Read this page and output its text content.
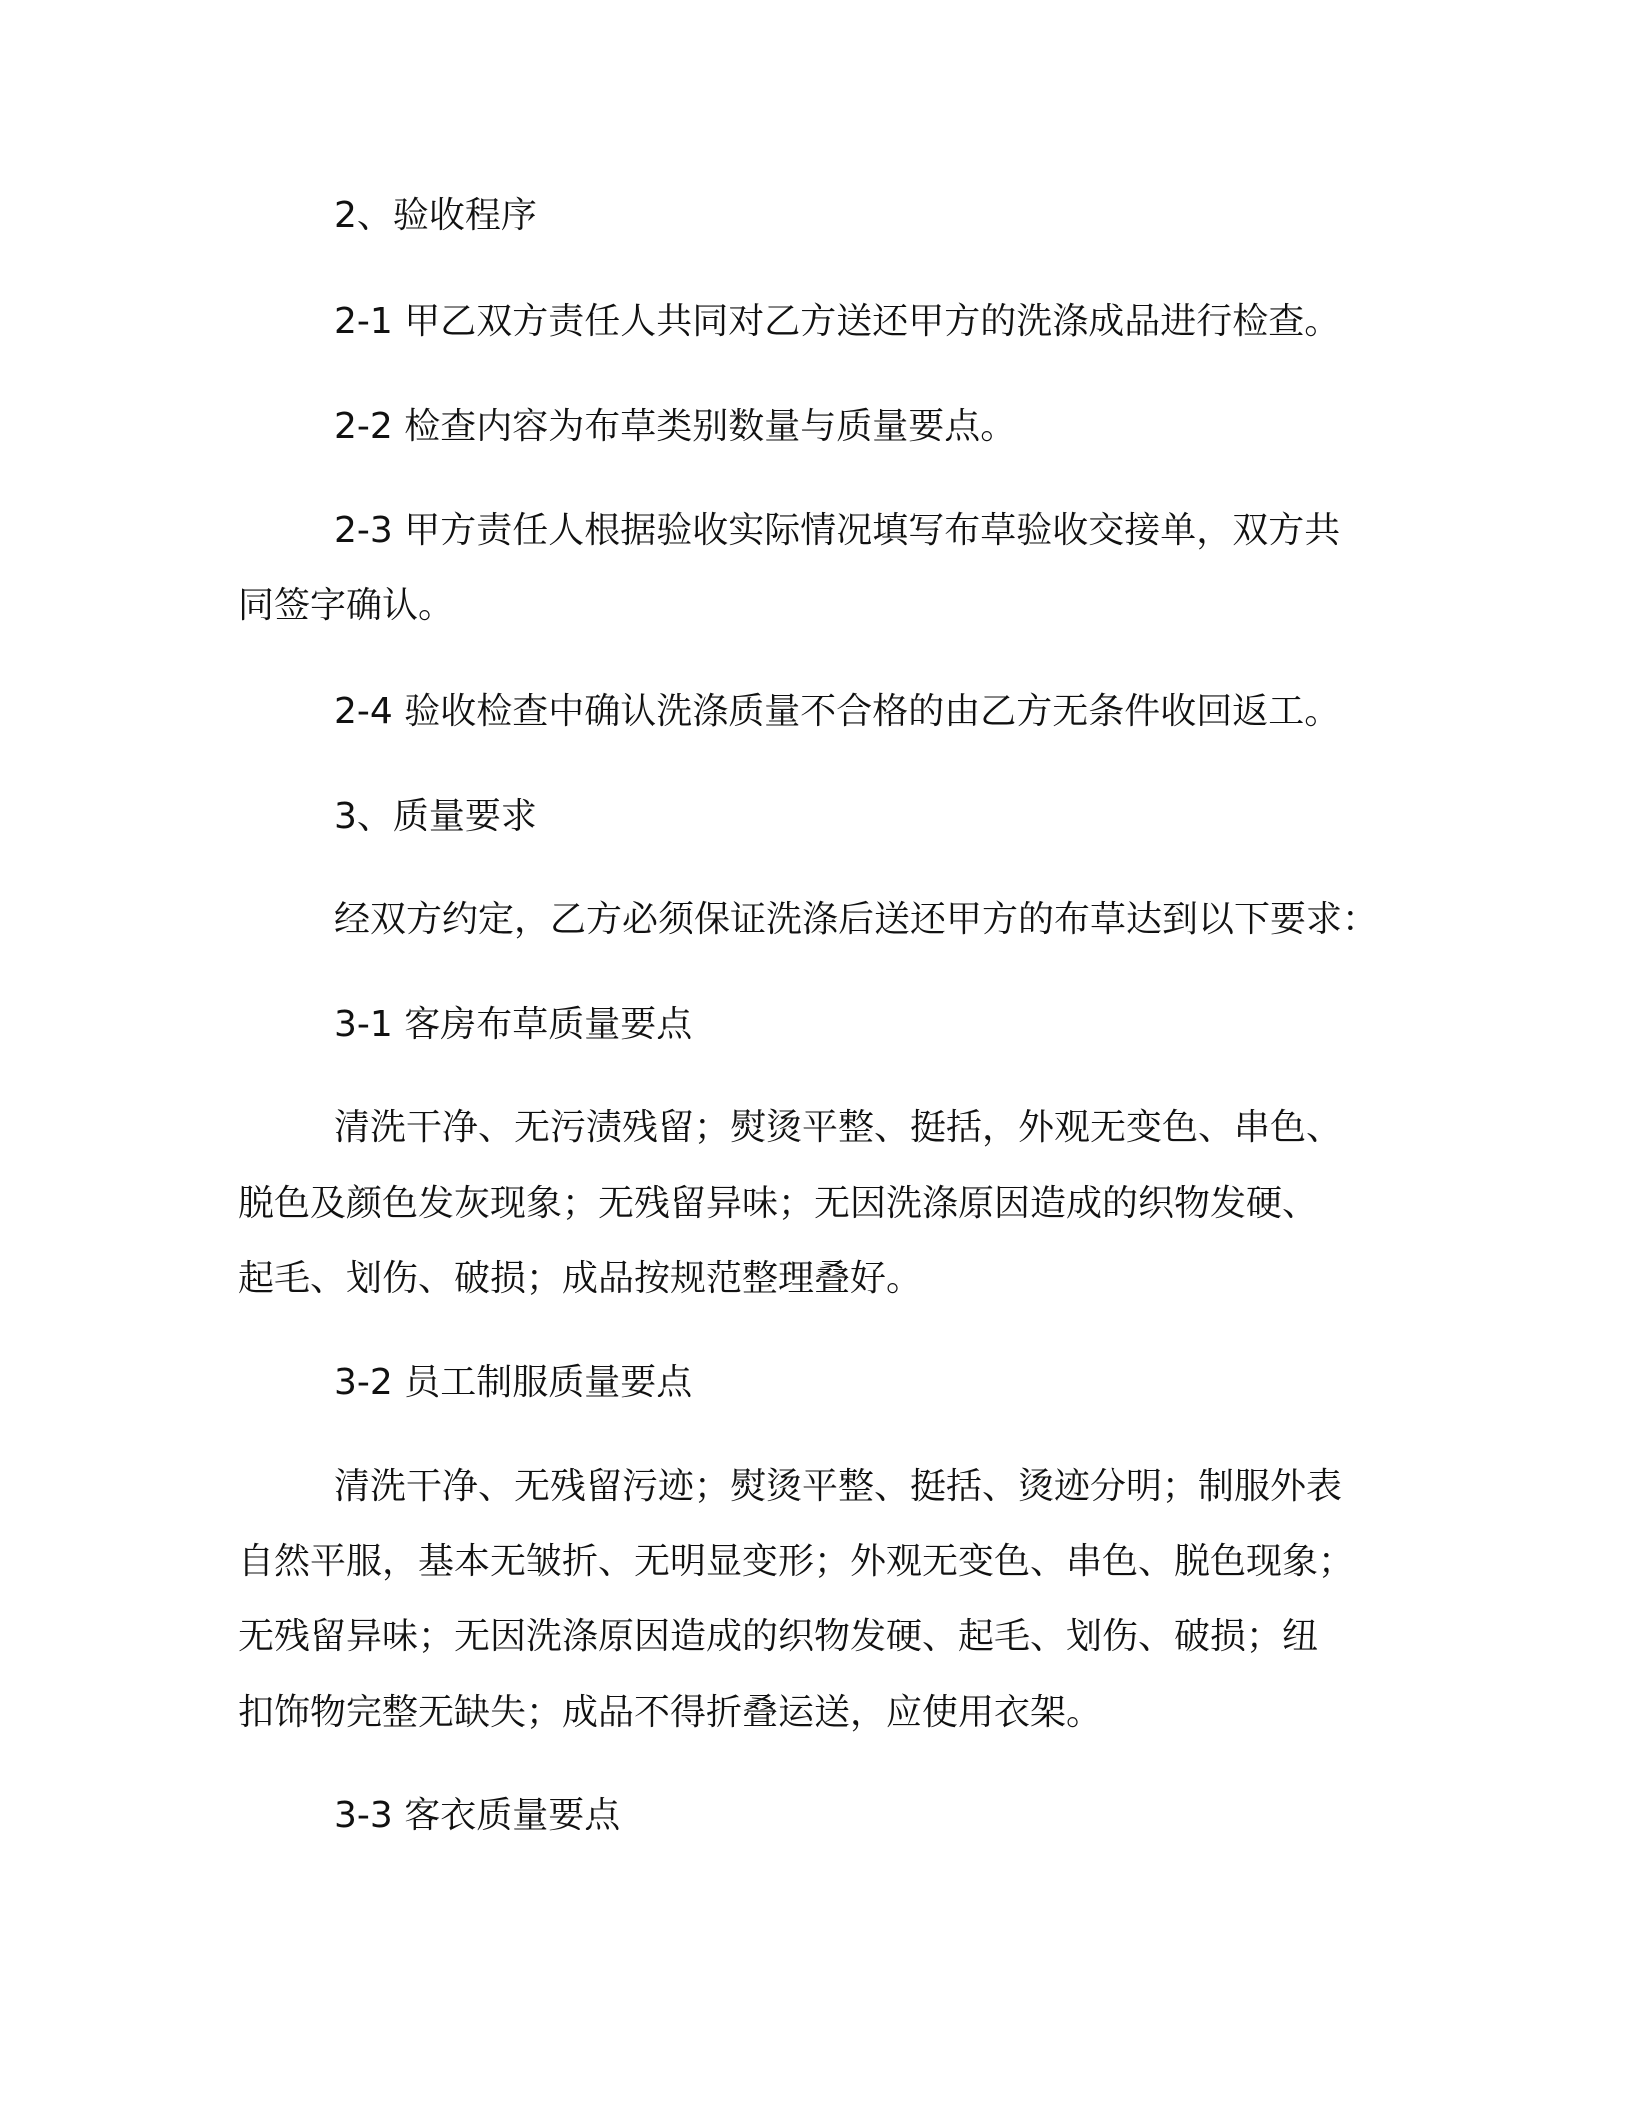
2、验收程序

2-1 甲乙双方责任人共同对乙方送还甲方的洗涤成品进行检查。

2-2 检查内容为布草类别数量与质量要点。

2-3 甲方责任人根据验收实际情况填写布草验收交接单，双方共

同签字确认。

2-4 验收检查中确认洗涤质量不合格的由乙方无条件收回返工。

3、质量要求

经双方约定，乙方必须保证洗涤后送还甲方的布草达到以下要求：

3-1 客房布草质量要点

清洗干净、无污渍残留；熨烫平整、挺括，外观无变色、串色、

脱色及颜色发灰现象；无残留异味；无因洗涤原因造成的织物发硬、

起毛、划伤、破损；成品按规范整理叠好。

3-2 员工制服质量要点

清洗干净、无残留污迹；熨烫平整、挺括、烫迹分明；制服外表

自然平服，基本无皱折、无明显变形；外观无变色、串色、脱色现象；

无残留异味；无因洗涤原因造成的织物发硬、起毛、划伤、破损；纽

扣饰物完整无缺失；成品不得折叠运送，应使用衣架。

3-3 客衣质量要点
